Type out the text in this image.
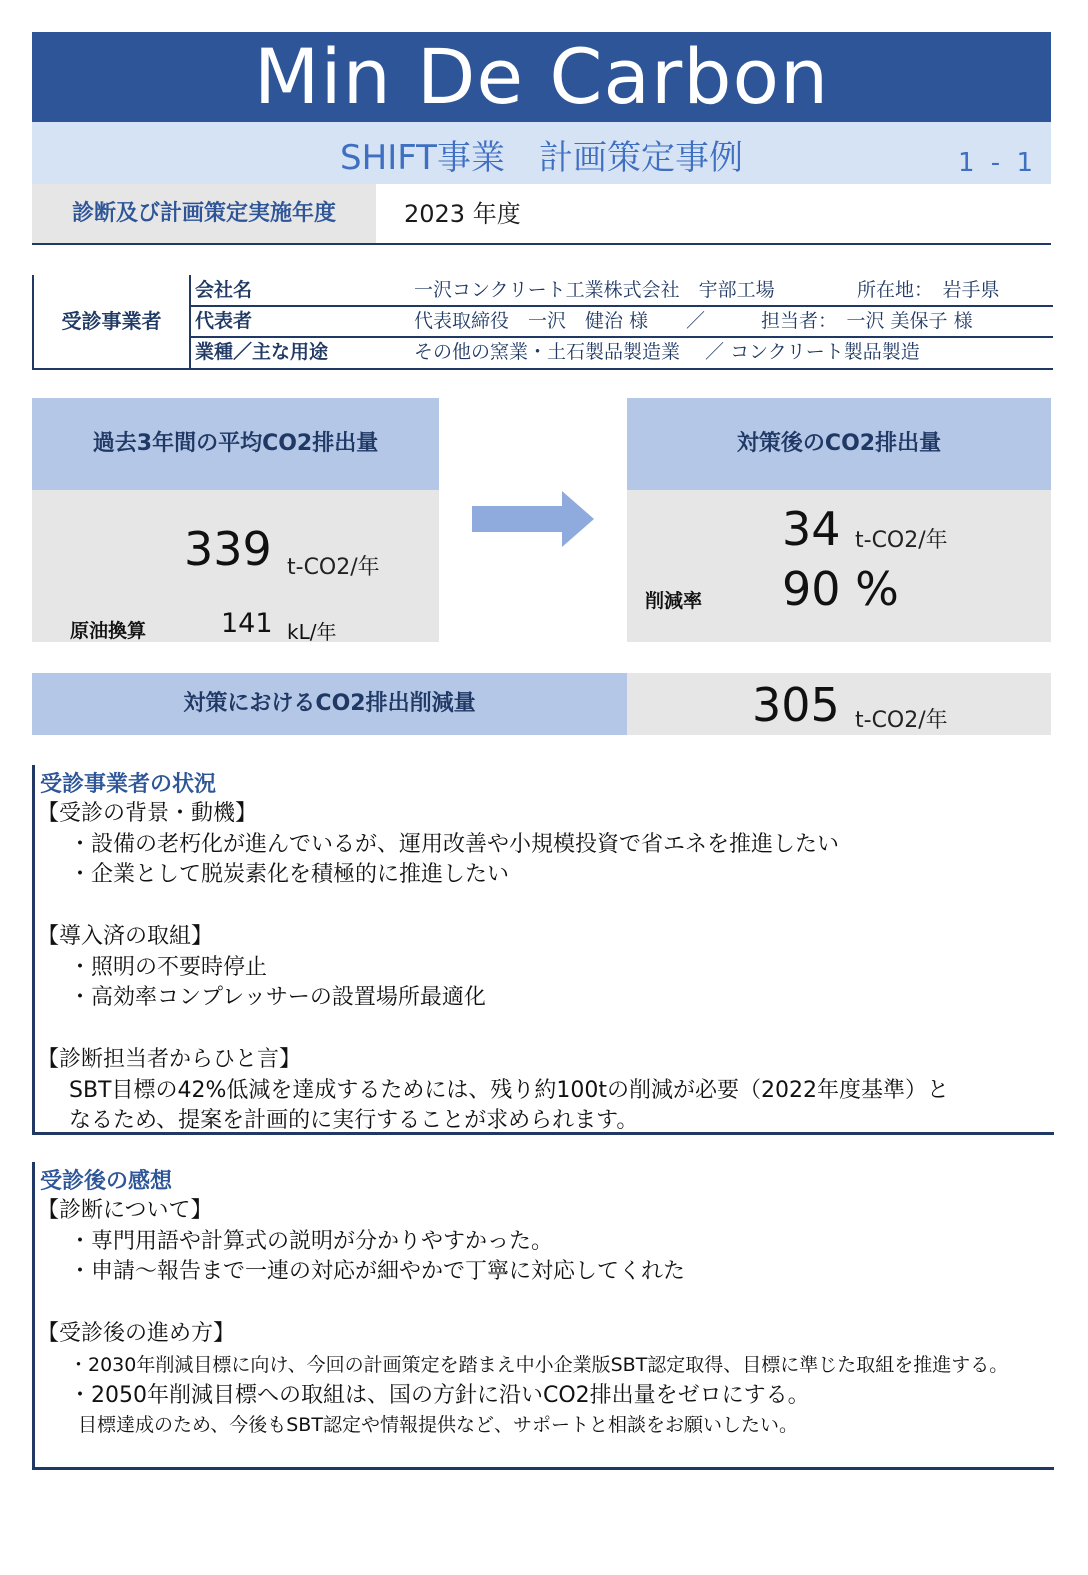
Min De Carbon
SHIFT事業　計画策定事例	1 - 1
診断及び計画策定実施年度	2023 年度
受診事業者
会社名	一沢コンクリート工業株式会社　宇部工場	所在地：　岩手県
代表者	代表取締役　一沢　健治 様　　／	担当者：　一沢 美保子 様
業種／主な用途	その他の窯業・土石製品製造業　 ／ コンクリート製品製造
過去3年間の平均CO2排出量
339 t-CO2/年
原油換算	141 kL/年
対策後のCO2排出量
34 t-CO2/年
削減率 90 %
対策におけるCO2排出削減量	305 t-CO2/年
受診事業者の状況
【受診の背景・動機】
・設備の老朽化が進んでいるが、運用改善や小規模投資で省エネを推進したい
・企業として脱炭素化を積極的に推進したい
【導入済の取組】
・照明の不要時停止
・高効率コンプレッサーの設置場所最適化
【診断担当者からひと言】
SBT目標の42%低減を達成するためには、残り約100tの削減が必要（2022年度基準）と
なるため、提案を計画的に実行することが求められます。
受診後の感想
【診断について】
・専門用語や計算式の説明が分かりやすかった。
・申請～報告まで一連の対応が細やかで丁寧に対応してくれた
【受診後の進め方】
・2030年削減目標に向け、今回の計画策定を踏まえ中小企業版SBT認定取得、目標に準じた取組を推進する。
・2050年削減目標への取組は、国の方針に沿いCO2排出量をゼロにする。
目標達成のため、今後もSBT認定や情報提供など、サポートと相談をお願いしたい。
